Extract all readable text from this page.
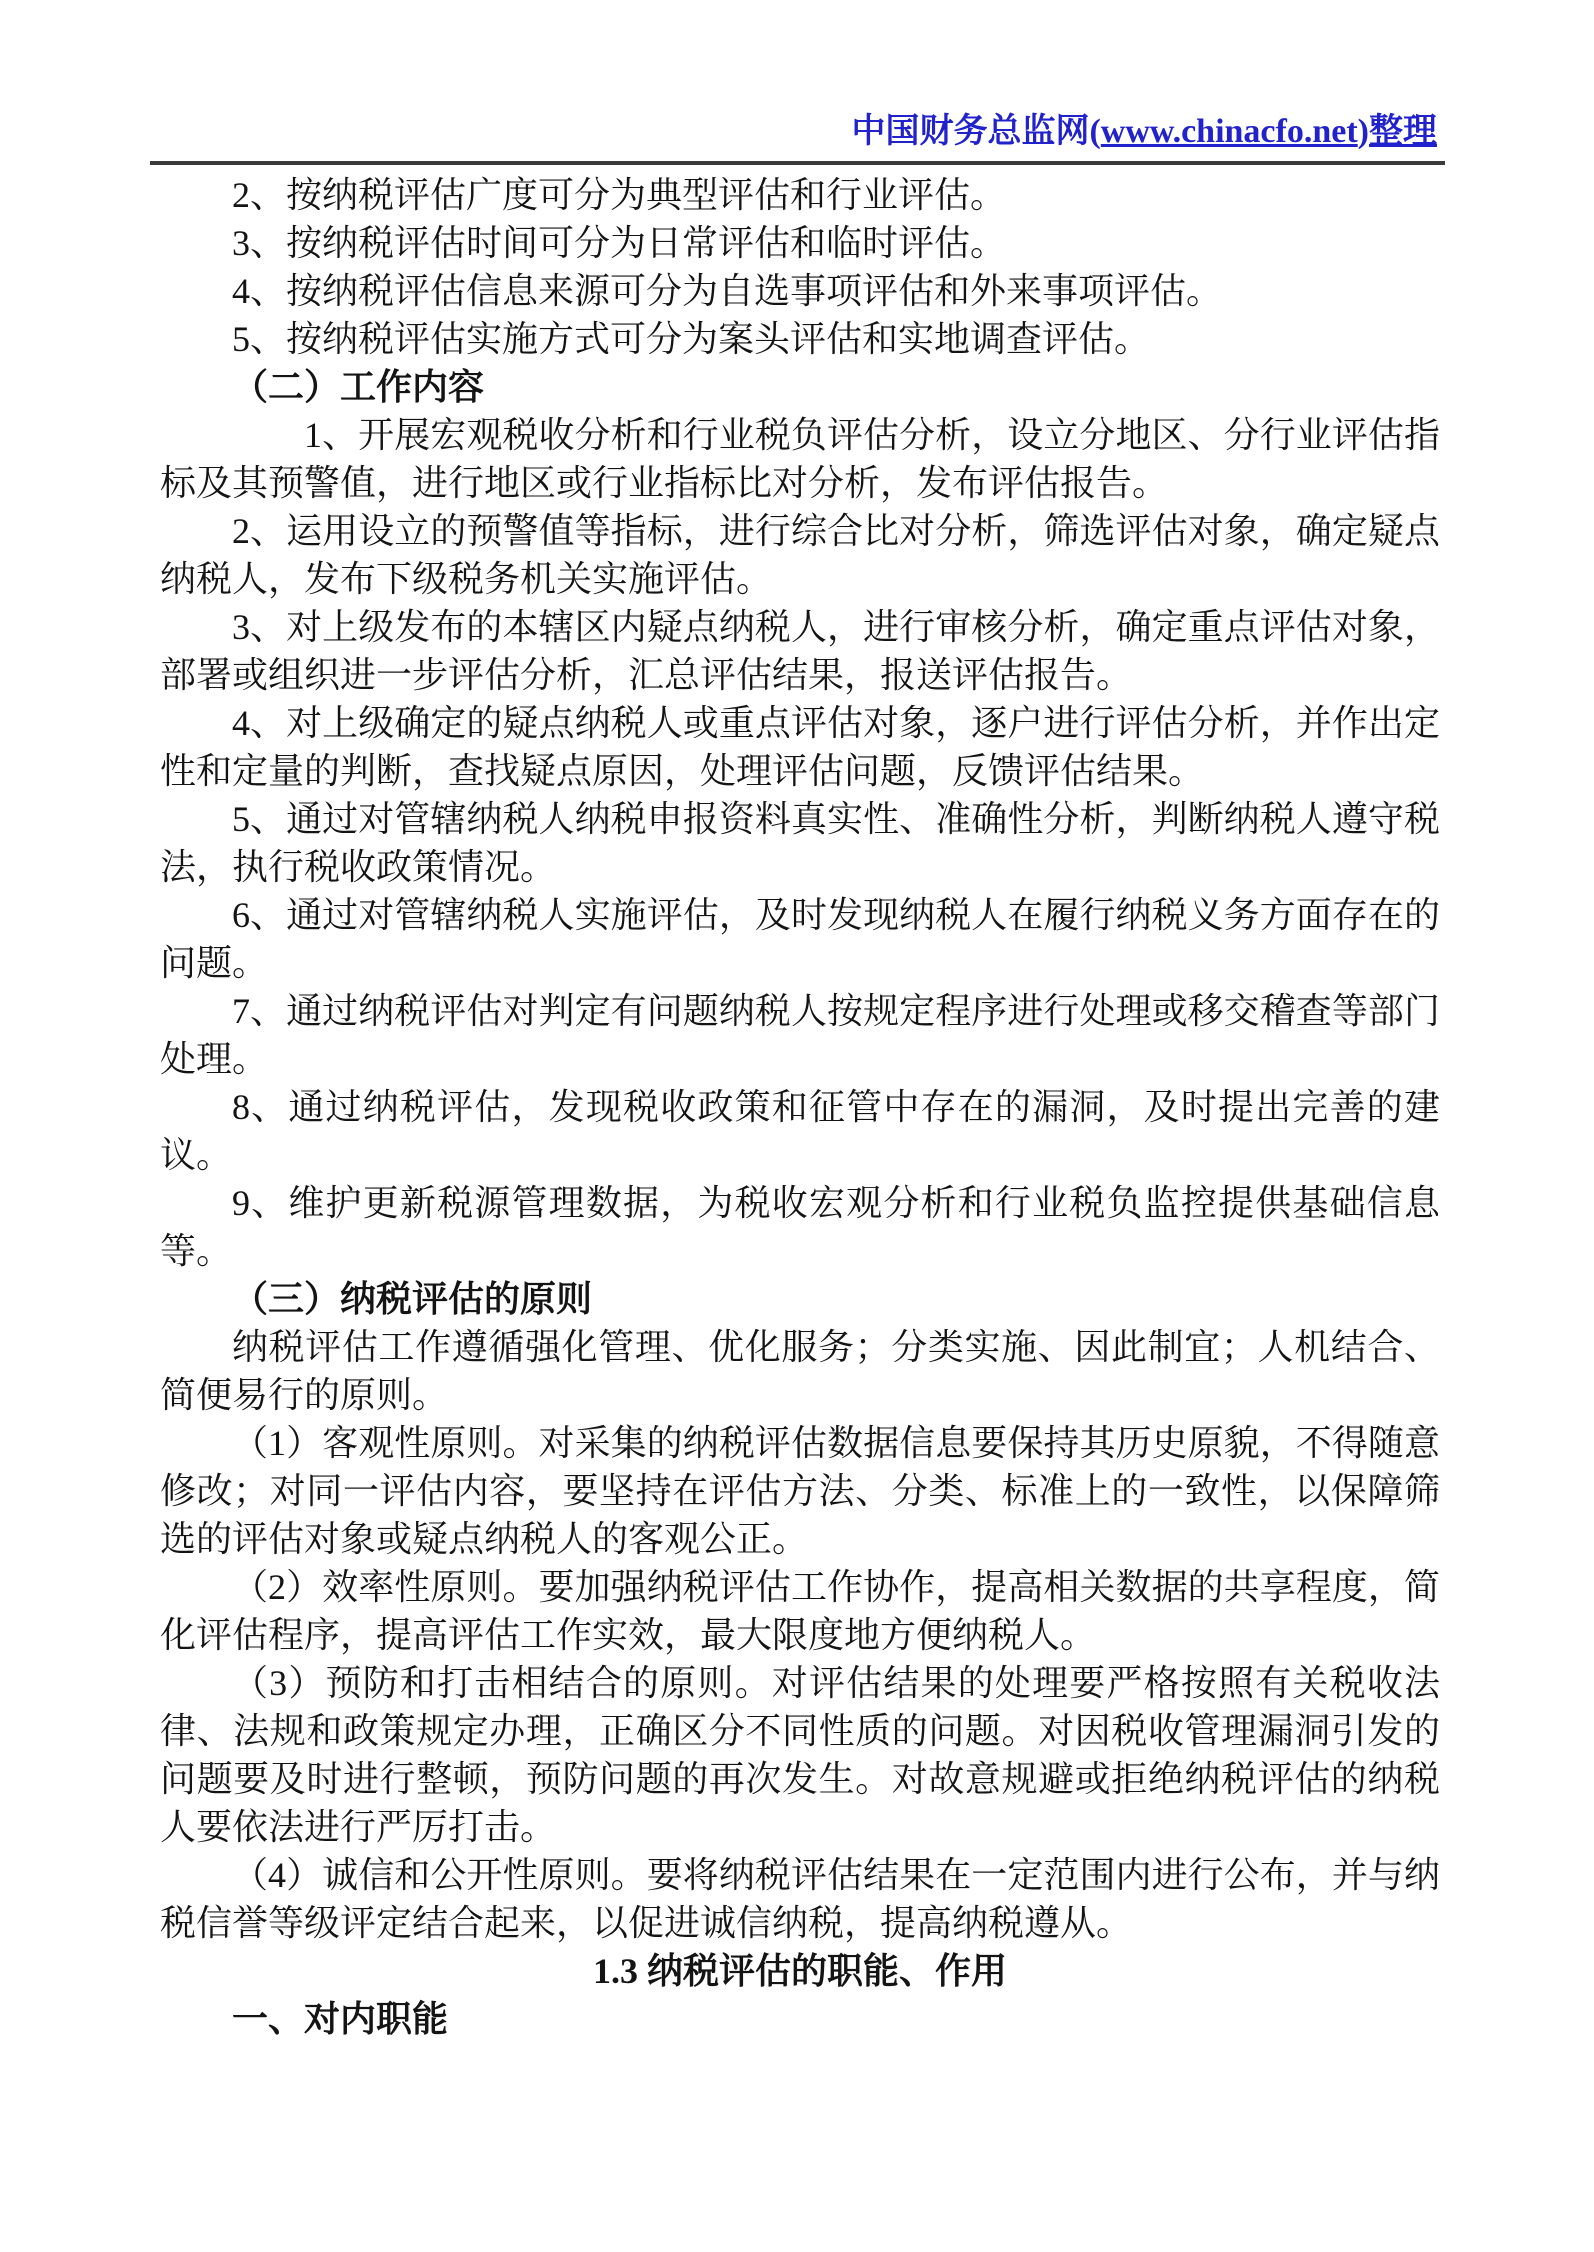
中国财务总监网(www.chinacfo.net)整理

2、按纳税评估广度可分为典型评估和行业评估。

3、按纳税评估时间可分为日常评估和临时评估。

4、按纳税评估信息来源可分为自选事项评估和外来事项评估。

5、按纳税评估实施方式可分为案头评估和实地调查评估。

（二）工作内容

1、开展宏观税收分析和行业税负评估分析，设立分地区、分行业评估指标及其预警值，进行地区或行业指标比对分析，发布评估报告。

2、运用设立的预警值等指标，进行综合比对分析，筛选评估对象，确定疑点纳税人，发布下级税务机关实施评估。

3、对上级发布的本辖区内疑点纳税人，进行审核分析，确定重点评估对象，部署或组织进一步评估分析，汇总评估结果，报送评估报告。

4、对上级确定的疑点纳税人或重点评估对象，逐户进行评估分析，并作出定性和定量的判断，查找疑点原因，处理评估问题，反馈评估结果。

5、通过对管辖纳税人纳税申报资料真实性、准确性分析，判断纳税人遵守税法，执行税收政策情况。

6、通过对管辖纳税人实施评估，及时发现纳税人在履行纳税义务方面存在的问题。

7、通过纳税评估对判定有问题纳税人按规定程序进行处理或移交稽查等部门处理。

8、通过纳税评估，发现税收政策和征管中存在的漏洞，及时提出完善的建议。

9、维护更新税源管理数据，为税收宏观分析和行业税负监控提供基础信息等。

（三）纳税评估的原则

纳税评估工作遵循强化管理、优化服务；分类实施、因此制宜；人机结合、简便易行的原则。

（1）客观性原则。对采集的纳税评估数据信息要保持其历史原貌，不得随意修改；对同一评估内容，要坚持在评估方法、分类、标准上的一致性，以保障筛选的评估对象或疑点纳税人的客观公正。

（2）效率性原则。要加强纳税评估工作协作，提高相关数据的共享程度，简化评估程序，提高评估工作实效，最大限度地方便纳税人。

（3）预防和打击相结合的原则。对评估结果的处理要严格按照有关税收法律、法规和政策规定办理，正确区分不同性质的问题。对因税收管理漏洞引发的问题要及时进行整顿，预防问题的再次发生。对故意规避或拒绝纳税评估的纳税人要依法进行严厉打击。

（4）诚信和公开性原则。要将纳税评估结果在一定范围内进行公布，并与纳税信誉等级评定结合起来，以促进诚信纳税，提高纳税遵从。

1.3 纳税评估的职能、作用

一、对内职能
